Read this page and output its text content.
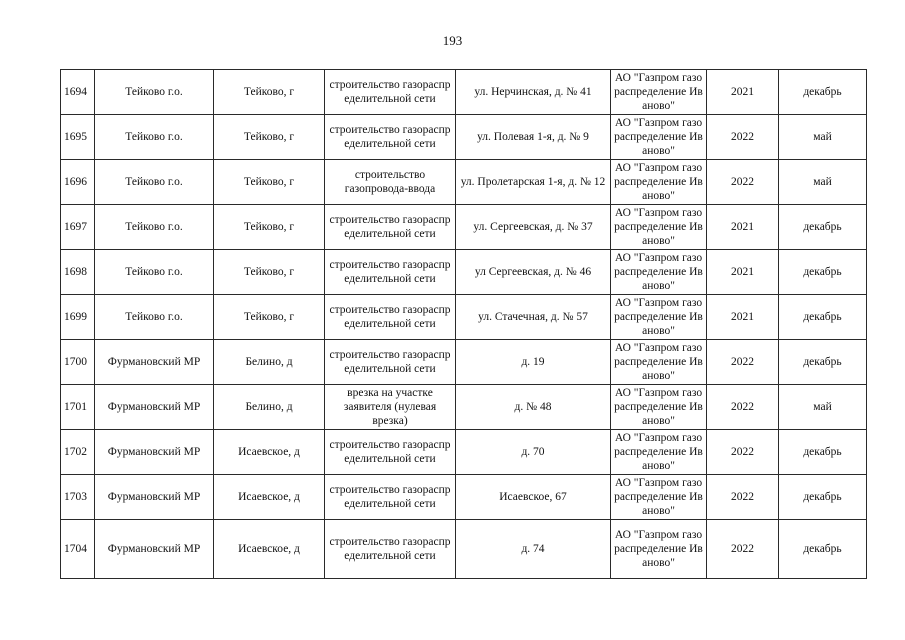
193
1694	Тейково г.о.	Тейково, г	строительство газораспределительной сети	ул. Нерчинская, д. № 41	АО "Газпром газораспределение Иваново"	2021	декабрь
1695	Тейково г.о.	Тейково, г	строительство газораспределительной сети	ул. Полевая 1-я, д. № 9	АО "Газпром газораспределение Иваново"	2022	май
1696	Тейково г.о.	Тейково, г	строительство газопровода-ввода	ул. Пролетарская 1-я, д. № 12	АО "Газпром газораспределение Иваново"	2022	май
1697	Тейково г.о.	Тейково, г	строительство газораспределительной сети	ул. Сергеевская, д. № 37	АО "Газпром газораспределение Иваново"	2021	декабрь
1698	Тейково г.о.	Тейково, г	строительство газораспределительной сети	ул Сергеевская, д. № 46	АО "Газпром газораспределение Иваново"	2021	декабрь
1699	Тейково г.о.	Тейково, г	строительство газораспределительной сети	ул. Стачечная, д. № 57	АО "Газпром газораспределение Иваново"	2021	декабрь
1700	Фурмановский МР	Белино, д	строительство газораспределительной сети	д. 19	АО "Газпром газораспределение Иваново"	2022	декабрь
1701	Фурмановский МР	Белино, д	врезка на участке заявителя (нулевая врезка)	д. № 48	АО "Газпром газораспределение Иваново"	2022	май
1702	Фурмановский МР	Исаевское, д	строительство газораспределительной сети	д. 70	АО "Газпром газораспределение Иваново"	2022	декабрь
1703	Фурмановский МР	Исаевское, д	строительство газораспределительной сети	Исаевское, 67	АО "Газпром газораспределение Иваново"	2022	декабрь
1704	Фурмановский МР	Исаевское, д	строительство газораспределительной сети	д. 74	АО "Газпром газораспределение Иваново"	2022	декабрь
